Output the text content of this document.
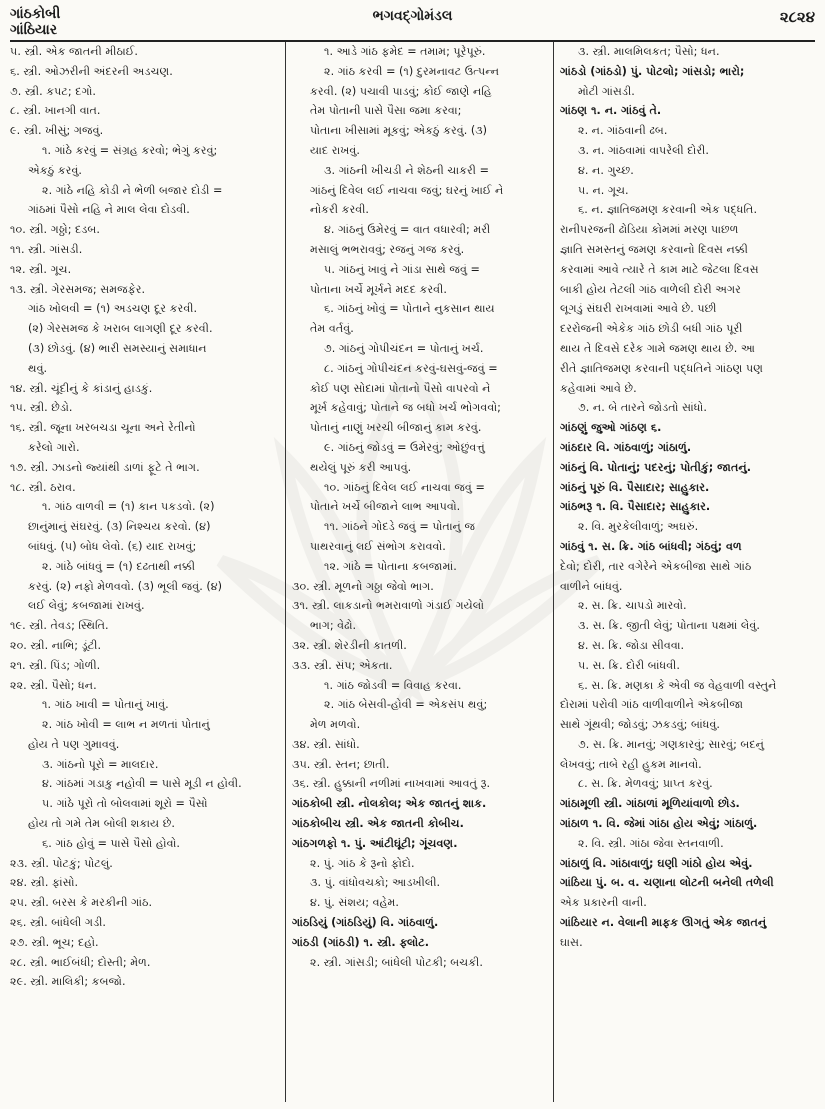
ગાંઠકોબી
ગાંઠિયાર
ભગવદ્ગોમંડલ	૨૮૨૪
૫. સ્ત્રી. એક જાતની મીઠાઈ.
૬. સ્ત્રી. ઓઝરીની અંદરની અડચણ.
૭. સ્ત્રી. કપટ; દગો.
૮. સ્ત્રી. ખાનગી વાત.
૯. સ્ત્રી. ખીસું; ગજવું.
૧. ગાંઠે કરવું = સંગ્રહ કરવો; ભેગું કરવું;
એકઠું કરવું.
૨. ગાંઠે નહિ કોડી ને ભેળી બજાર દોડી =
ગાંઠમાં પૈસો નહિ ને માલ લેવા દોડવી.
૧૦. સ્ત્રી. ગઠ્ઠો; દડબ.
૧૧. સ્ત્રી. ગાંસડી.
૧૨. સ્ત્રી. ગૂચ.
૧૩. સ્ત્રી. ગેરસમજ; સમજફેર.
ગાંઠ ખોલવી = (૧) અડચણ દૂર કરવી.
(૨) ગેરસમજ કે ખરાબ લાગણી દૂર કરવી.
(૩) છોડવું. (૪) ભારી સમસ્યાનું સમાધાન
થવું.
૧૪. સ્ત્રી. ચૂંદીનું કે કાંડાનું હાડકું.
૧૫. સ્ત્રી. છેડો.
૧૬. સ્ત્રી. જૂના ખરબચડા ચૂના અને રેતીનો
કરેલો ગારો.
૧૭. સ્ત્રી. ઝાડનો જ્યાંથી ડાળાં ફૂટે તે ભાગ.
૧૮. સ્ત્રી. ઠરાવ.
૧. ગાંઠ વાળવી = (૧) કાન પકડવો. (૨)
છાનુંમાનું સંઘરવું. (૩) નિશ્ચય કરવો. (૪)
બાંધવું. (૫) બોધ લેવો. (૬) યાદ રાખવું;
૨. ગાંઠે બાંધવું = (૧) દઢતાથી નક્કી
કરવું. (૨) નફો મેળવવો. (૩) ભૂલી જવું. (૪)
લઈ લેવું; કબજામાં રાખવું.
૧૯. સ્ત્રી. તેવડ; સ્થિતિ.
૨૦. સ્ત્રી. નાભિ; ડૂંટી.
૨૧. સ્ત્રી. પિંડ; ગોળી.
૨૨. સ્ત્રી. પૈસો; ધન.
૧. ગાંઠ ખાવી = પોતાનું ખાવું.
૨. ગાંઠ ખોવી = લાભ ન મળતાં પોતાનું
હોય તે પણ ગુમાવવું.
૩. ગાંઠનો પૂરો = માલદાર.
૪. ગાંઠમાં ગડાકુ નહોવી = પાસે મૂડી ન હોવી.
૫. ગાંઠે પૂરો તો બોલવામાં શૂરો = પૈસો
હોય તો ગમે તેમ બોલી શકાય છે.
૬. ગાંઠ હોવું = પાસે પૈસો હોવો.
૨૩. સ્ત્રી. પોટકું; પોટલું.
૨૪. સ્ત્રી. ફાંસો.
૨૫. સ્ત્રી. બરસ કે મરકીની ગાંઠ.
૨૬. સ્ત્રી. બાંધેલી ગડી.
૨૭. સ્ત્રી. ભૂચ; દહો.
૨૮. સ્ત્રી. ભાઈબંધી; દોસ્તી; મેળ.
૨૯. સ્ત્રી. માલિકી; કબજો.
૧. આડે ગાંઠ ફમેદ = તમામ; પૂરેપૂરું.
૨. ગાંઠ કરવી = (૧) દુરમનાવટ ઉત્પન્ન
કરવી. (૨) પચાવી પાડવું; કોઈ જાણે નહિ
તેમ પોતાની પાસે પૈસા જમા કરવા;
પોતાના ખીસામાં મૂકવું; એકઠું કરવું. (૩)
યાદ રાખવું.
૩. ગાંઠની ખીચડી ને શેઠની ચાકરી =
ગાંઠનું દિવેલ લઈ નાચવા જવું; ઘરનું ખાઈ ને
નોકરી કરવી.
૪. ગાંઠનું ઉમેરવું = વાત વધારવી; મરી
મસાલું ભભરાવવું; રજનું ગજ કરવું.
૫. ગાંઠનું ખાવું ને ગાંડા સાથે જવું =
પોતાના ખર્ચે મૂર્ખને મદદ કરવી.
૬. ગાંઠનું ખોવું = પોતાને નુકસાન થાય
તેમ વર્તવું.
૭. ગાંઠનું ગોપીચંદન = પોતાનું ખર્ચ.
૮. ગાંઠનું ગોપીચંદન કરવું-ઘસવું-જવું =
કોઈ પણ સોદામાં પોતાનો પૈસો વાપરવો ને
મૂર્ખ કહેવાવું; પોતાને જ બધો ખર્ચ ભોગવવો;
પોતાનું નાણું ખરચી બીજાનું કામ કરવું.
૯. ગાંઠનું જોડવું = ઉમેરવું; ઓછુંવત્તું
થયેલું પૂરું કરી આપવું.
૧૦. ગાંઠનું દિવેલ લઈ નાચવા જવું =
પોતાને ખર્ચે બીજાને લાભ આપવો.
૧૧. ગાંઠને ગોદડે જવું = પોતાનું જ
પાથરવાનું લઈ સંભોગ કરાવવો.
૧૨. ગાંઠે = પોતાના કબજામાં.
૩૦. સ્ત્રી. મૂળનો ગઠ્ઠા જેવો ભાગ.
૩૧. સ્ત્રી. લાકડાનો ભમરાવાળો ગંડાઈ ગયેલો
ભાગ; વેઢો.
૩૨. સ્ત્રી. શેરડીની કાતળી.
૩૩. સ્ત્રી. સંપ; એકતા.
૧. ગાંઠ જોડવી = વિવાહ કરવા.
૨. ગાંઠ બેસવી-હોવી = એકસંપ થવું;
મેળ મળવો.
૩૪. સ્ત્રી. સાંધો.
૩૫. સ્ત્રી. સ્તન; છાતી.
૩૬. સ્ત્રી. હુક્કાની નળીમાં નાખવામાં આવતું રૂ.
ગાંઠકોબી સ્ત્રી. નોલકોલ; એક જાતનું શાક.
ગાંઠકોબીચ સ્ત્રી. એક જાતની કોબીચ.
ગાંઠગળફો ૧. પું. આંટીઘૂંટી; ગૂંચવણ.
૨. પું. ગાંઠ કે રૂનો ફોદો.
૩. પું. વાંધોવચકો; આડખીલી.
૪. પું. સંશય; વહેમ.
ગાંઠડિયું (ગાંઠડિયું) વિ. ગાંઠવાળું.
ગાંઠડી (ગાંઠડી) ૧. સ્ત્રી. ફ્લોટ.
૨. સ્ત્રી. ગાંસડી; બાંધેલી પોટકી; બચકી.
૩. સ્ત્રી. માલમિલકત; પૈસો; ધન.
ગાંઠડો (ગાંઠડો) પું. પોટલો; ગાંસડો; ભારો;
મોટી ગાંસડી.
ગાંઠણ ૧. ન. ગાંઠવું તે.
૨. ન. ગાંઠવાની ઢબ.
૩. ન. ગાંઠવામાં વાપરેલી દોરી.
૪. ન. ગુચ્છ.
૫. ન. ગૂચ.
૬. ન. જ્ઞાતિજમણ કરવાની એક પદ્ધતિ.
રાનીપરજની ઢોડિયા કોમમાં મરણ પાછળ
જ્ઞાતિ સમસ્તનું જમણ કરવાનો દિવસ નક્કી
કરવામાં આવે ત્યારે તે કામ માટે જેટલા દિવસ
બાકી હોય તેટલી ગાંઠ વાળેલી દોરી અગર
લૂગડું સંઘરી રાખવામાં આવે છે. પછી
દરરોજની એકેક ગાંઠ છોડી બધી ગાંઠ પૂરી
થાય તે દિવસે દરેક ગામે જમણ થાય છે. આ
રીતે જ્ઞાતિજમણ કરવાની પદ્ધતિને ગાંઠણ પણ
કહેવામાં આવે છે.
૭. ન. બે તારને જોડતો સાંધો.
ગાંઠણું જુઓ ગાંઠણ ૬.
ગાંઠદાર વિ. ગાંઠવાળું; ગાંઠાળું.
ગાંઠનું વિ. પોતાનું; પદરનું; પોતીકું; જાતનું.
ગાંઠનું પૂરું વિ. પૈસાદાર; સાહુકાર.
ગાંઠભરૂ ૧. વિ. પૈસાદાર; સાહુકાર.
૨. વિ. મુરકેલીવાળું; અઘરું.
ગાંઠવું ૧. સ. ક્રિ. ગાંઠ બાંધવી; ગંઠવું; વળ
દેવો; દોરી, તાર વગેરેને એકબીજા સાથે ગાંઠ
વાળીને બાંધવું.
૨. સ. ક્રિ. ચાપડો મારવો.
૩. સ. ક્રિ. જીતી લેવું; પોતાના પક્ષમાં લેવું.
૪. સ. ક્રિ. જોડા સીવવા.
૫. સ. ક્રિ. દોરી બાંધવી.
૬. સ. ક્રિ. મણકા કે એવી જ વેહવાળી વસ્તુને
દોરામાં પરોવી ગાંઠ વાળીવાળીને એકબીજા
સાથે ગૂંથવી; જોડવું; ઝકડવું; બાંધવું.
૭. સ. ક્રિ. માનવું; ગણકારવું; સારવું; બદનું
લેખવવું; તાબે રહી હુકમ માનવો.
૮. સ. ક્રિ. મેળવવું; પ્રાપ્ત કરવું.
ગાંઠામૂળી સ્ત્રી. ગાંઠાળાં મૂળિયાંવાળો છોડ.
ગાંઠાળ ૧. વિ. જેમાં ગાંઠા હોય એવું; ગાંઠાળું.
૨. વિ. સ્ત્રી. ગાંઠા જેવા સ્તનવાળી.
ગાંઠાળું વિ. ગાંઠાવાળું; ઘણી ગાંઠો હોય એવું.
ગાંઠિયા પું. બ. વ. ચણાના લોટની બનેલી તળેલી
એક પ્રકારની વાની.
ગાંઠિયાર ન. વેલાની માફક ઊગતું એક જાતનું
ઘાસ.
